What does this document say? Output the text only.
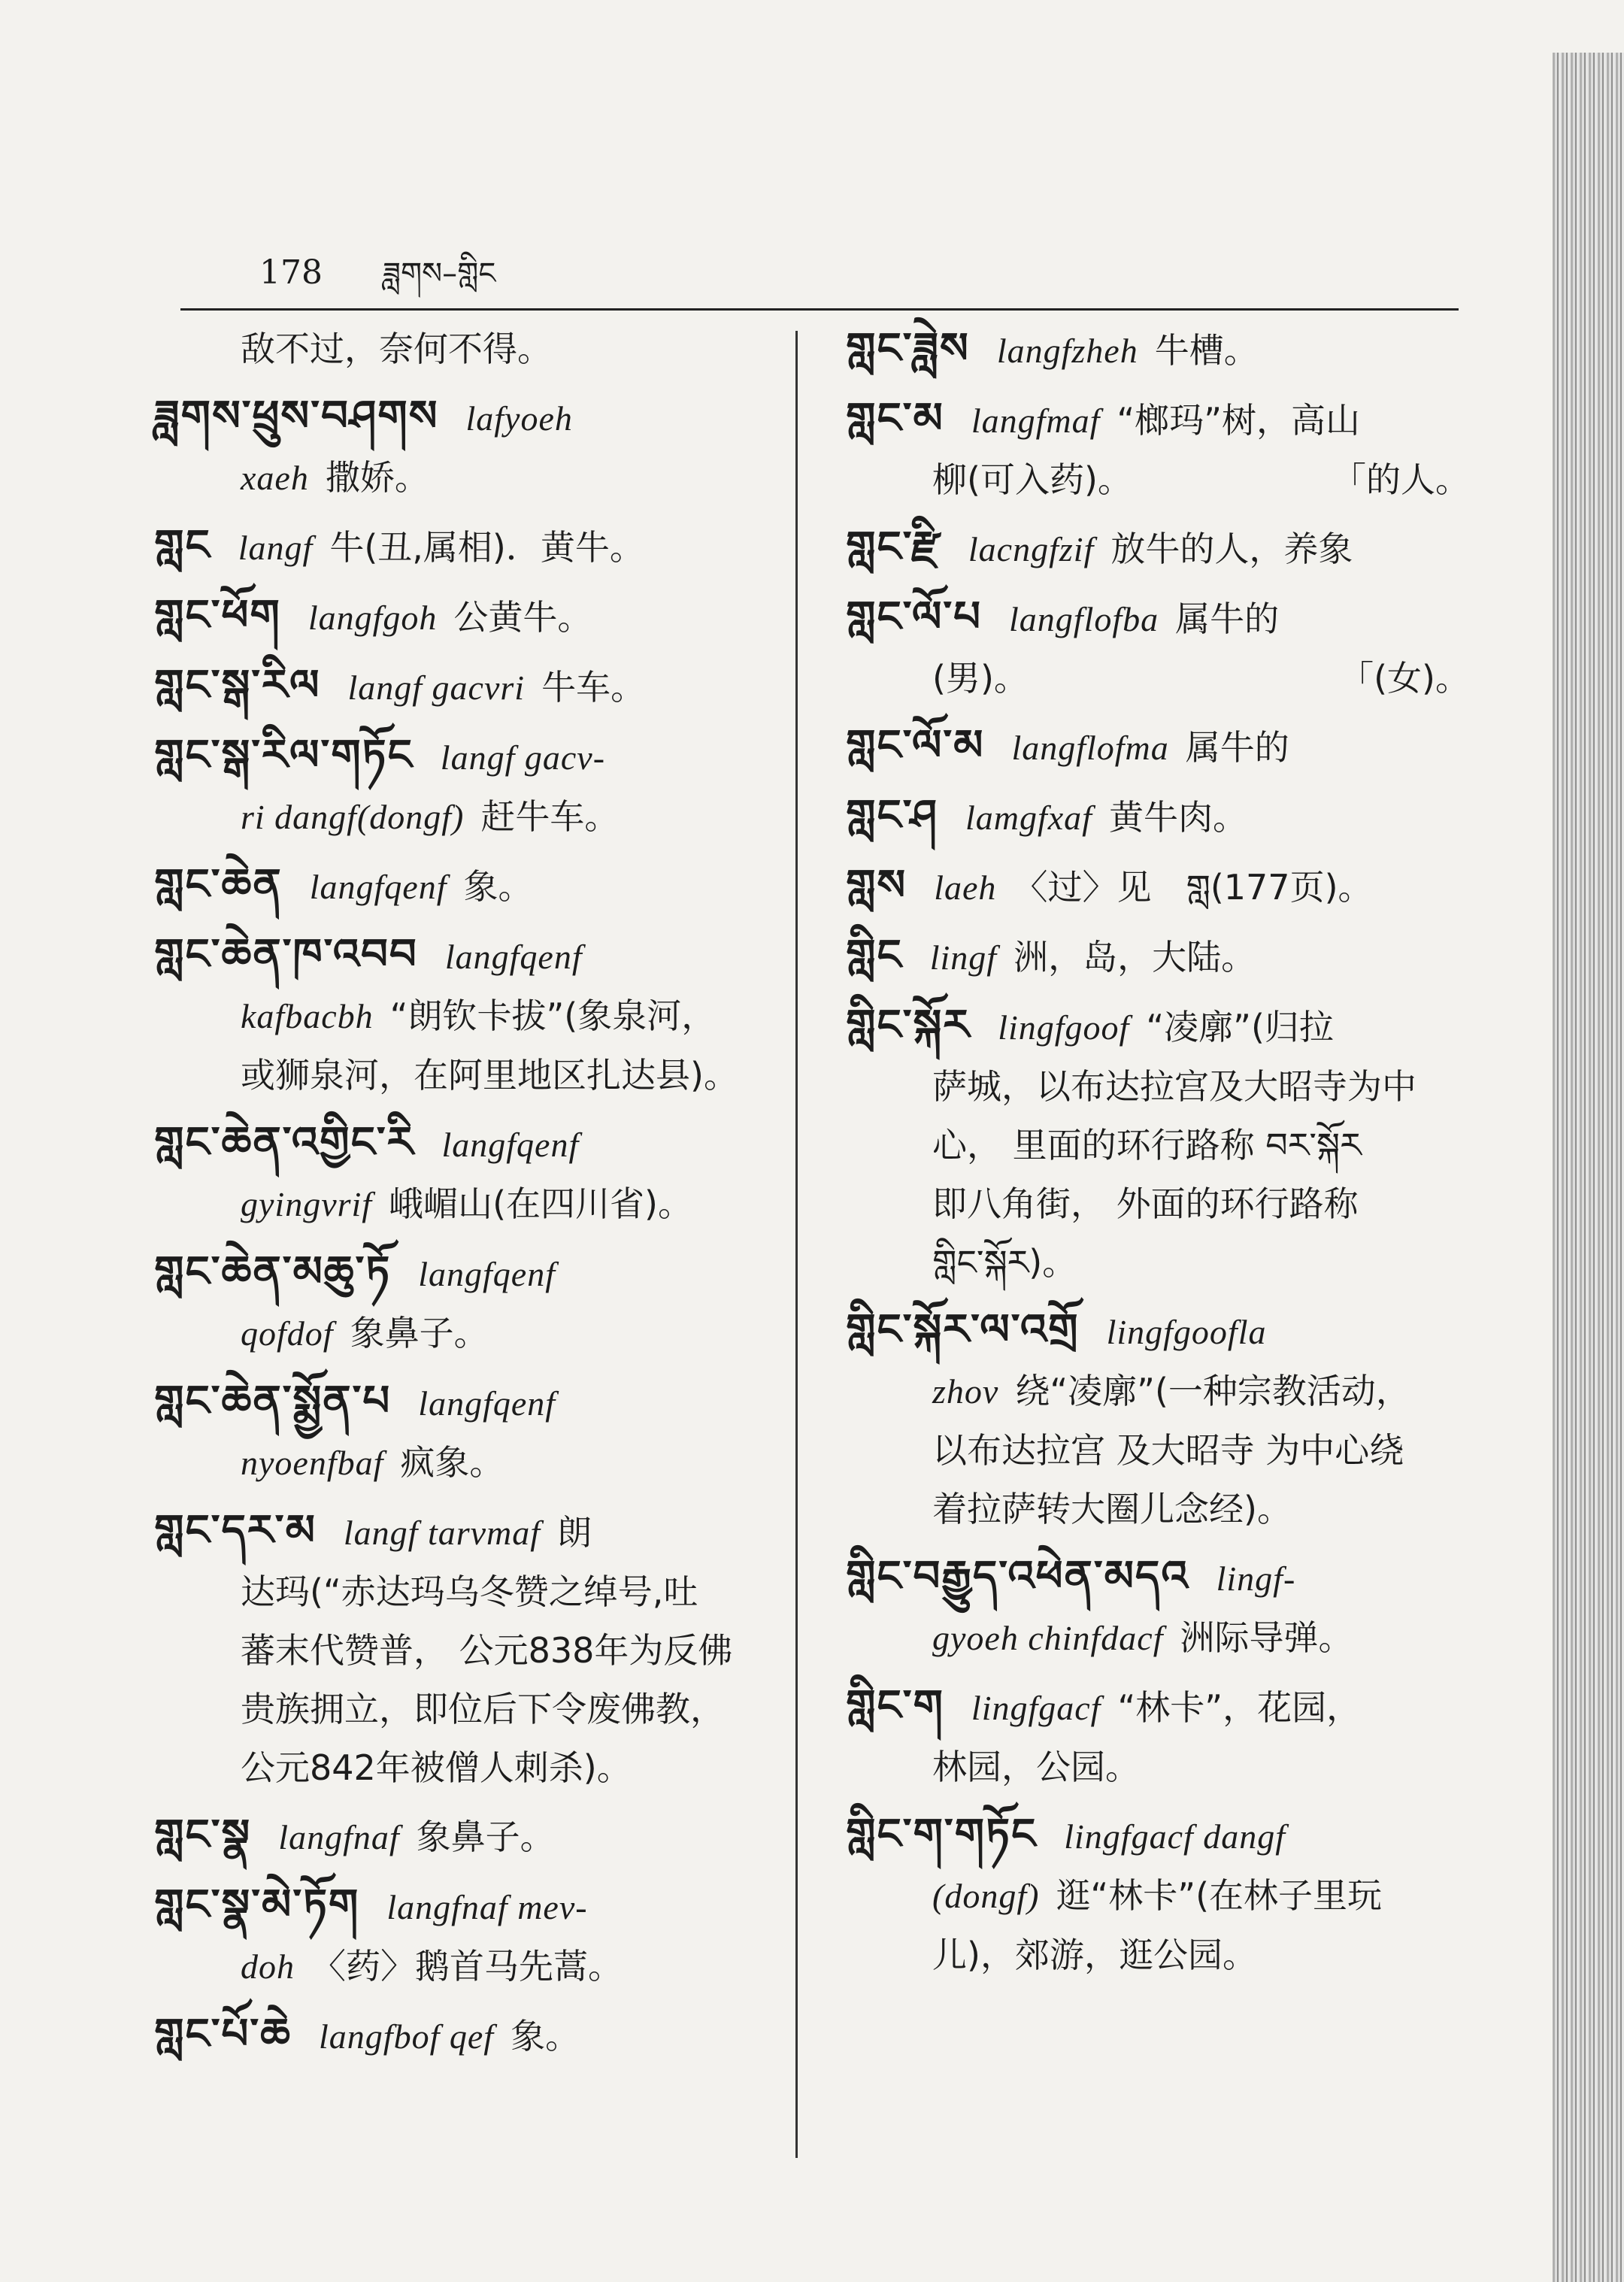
178 ཟླགས–གླིང
敌不过，奈何不得。
ཟླགས་ཕྲུས་བཤགས lafyoeh
xaeh 撒娇。
གླང langf 牛(丑,属相)．黄牛。
གླང་ཕོག langfgoh 公黄牛。
གླང་སྒ་རིལ langf gacvri 牛车。
གླང་སྒ་རིལ་གཏོང langf gacv-
ri dangf(dongf) 赶牛车。
གླང་ཆེན langfqenf 象。
གླང་ཆེན་ཁ་འབབ langfqenf
kafbacbh “朗钦卡拔”(象泉河，
或狮泉河，在阿里地区扎达县)。
གླང་ཆེན་འགྱིང་རི langfqenf
gyingvrif 峨嵋山(在四川省)。
གླང་ཆེན་མཆུ་ཏོ langfqenf
qofdof 象鼻子。
གླང་ཆེན་སྨྱོན་པ langfqenf
nyoenfbaf 疯象。
གླང་དར་མ langf tarvmaf 朗
达玛(“赤达玛乌冬赞之绰号,吐
蕃末代赞普， 公元838年为反佛
贵族拥立，即位后下令废佛教，
公元842年被僧人刺杀)。
གླང་སྣ langfnaf 象鼻子。
གླང་སྣ་མེ་ཏོག langfnaf mev-
doh 〈药〉鹅首马先蒿。
གླང་པོ་ཆེ langfbof qef 象。
གླང་ཟླེས langfzheh 牛槽。
གླང་མ langfmaf “榔玛”树，高山
柳(可入药)。	「的人。
གླང་རྫི lacngfzif 放牛的人，养象
གླང་ལོ་པ langflofba 属牛的
(男)。	「(女)。
གླང་ལོ་མ langflofma 属牛的
གླང་ཤ lamgfxaf 黄牛肉。
གླས laeh 〈过〉见　གླ(177页)。
གླིང lingf 洲，岛，大陆。
གླིང་སྐོར lingfgoof “凌廓”(归拉
萨城，以布达拉宫及大昭寺为中
心， 里面的环行路称 བར་སྐོར
即八角街， 外面的环行路称
གླིང་སྐོར)。
གླིང་སྐོར་ལ་འགྲོ lingfgoofla
zhov 绕“凌廓”(一种宗教活动，
以布达拉宫 及大昭寺 为中心绕
着拉萨转大圈儿念经)。
གླིང་བརྒྱུད་འཕེན་མདའ lingf-
gyoeh chinfdacf 洲际导弹。
གླིང་ག lingfgacf “林卡”，花园，
林园，公园。
གླིང་ག་གཏོང lingfgacf dangf
(dongf) 逛“林卡”(在林子里玩
儿)，郊游，逛公园。
